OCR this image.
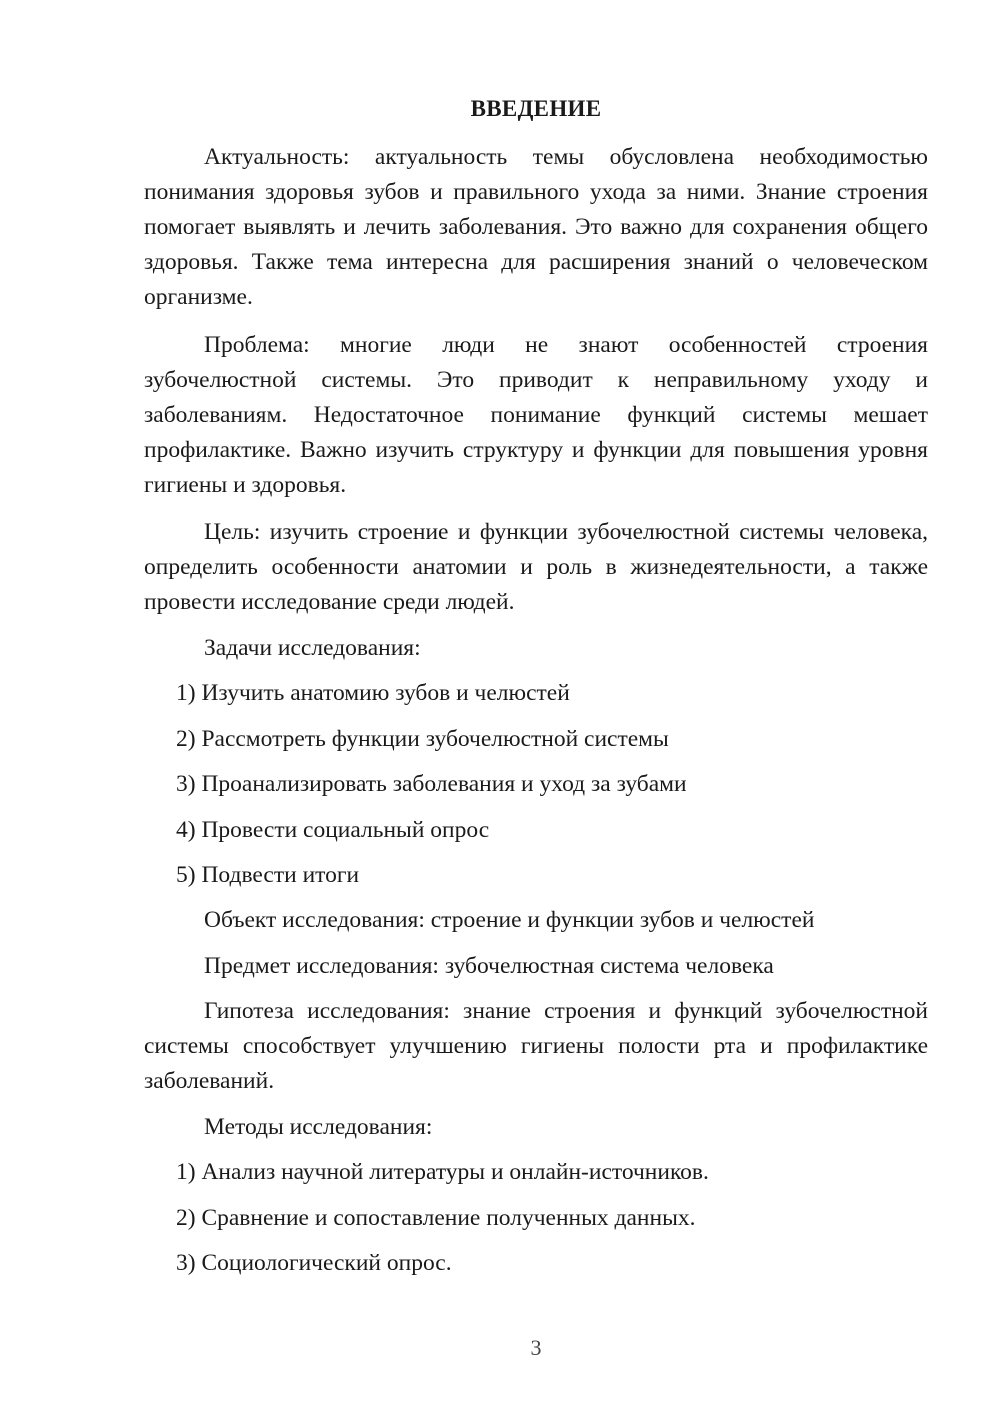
ВВЕДЕНИЕ

Актуальность: актуальность темы обусловлена необходимостью понимания здоровья зубов и правильного ухода за ними. Знание строения помогает выявлять и лечить заболевания. Это важно для сохранения общего здоровья. Также тема интересна для расширения знаний о человеческом организме.

Проблема: многие люди не знают особенностей строения зубочелюстной системы. Это приводит к неправильному уходу и заболеваниям. Недостаточное понимание функций системы мешает профилактике. Важно изучить структуру и функции для повышения уровня гигиены и здоровья.

Цель: изучить строение и функции зубочелюстной системы человека, определить особенности анатомии и роль в жизнедеятельности, а также провести исследование среди людей.

Задачи исследования:
1) Изучить анатомию зубов и челюстей
2) Рассмотреть функции зубочелюстной системы
3) Проанализировать заболевания и уход за зубами
4) Провести социальный опрос
5) Подвести итоги
Объект исследования: строение и функции зубов и челюстей
Предмет исследования: зубочелюстная система человека

Гипотеза исследования: знание строения и функций зубочелюстной системы способствует улучшению гигиены полости рта и профилактике заболеваний.

Методы исследования:
1) Анализ научной литературы и онлайн-источников.
2) Сравнение и сопоставление полученных данных.
3) Социологический опрос.
3
